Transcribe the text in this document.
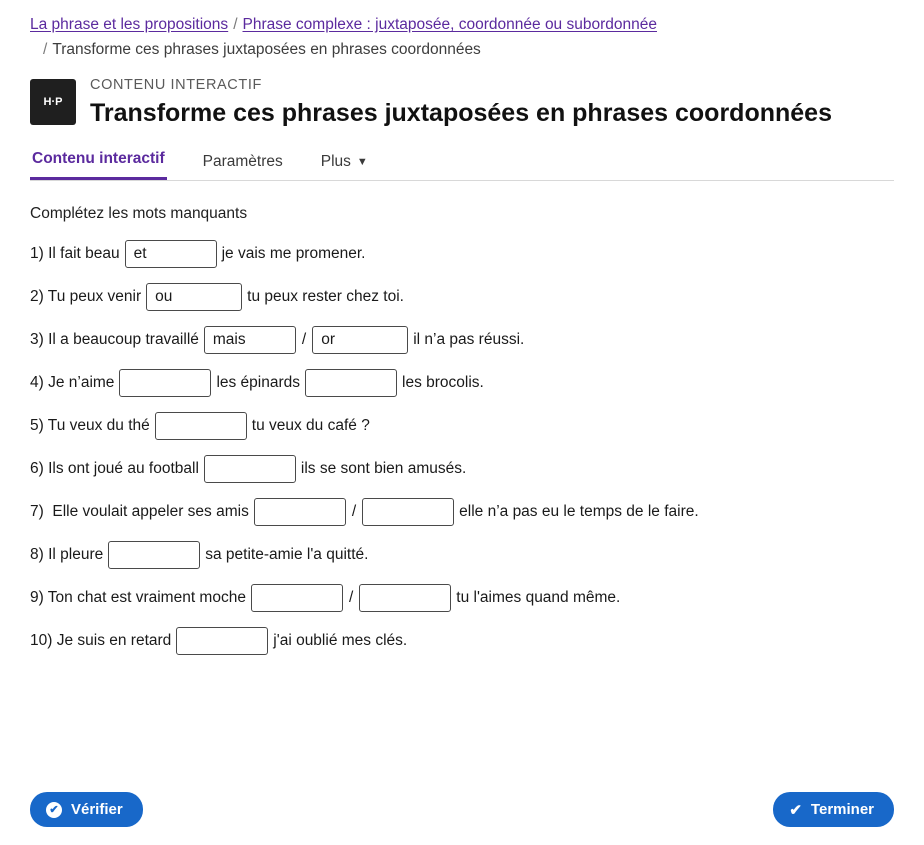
La phrase et les propositions / Phrase complexe : juxtaposée, coordonnée ou subordonnée
/ Transforme ces phrases juxtaposées en phrases coordonnées
H·P
CONTENU INTERACTIF
Transforme ces phrases juxtaposées en phrases coordonnées
Contenu interactif Paramètres Plus ▼
Complétez les mots manquants
1) Il fait beau
et	je vais me promener.
2) Tu peux venir
ou	tu peux rester chez toi.
3) Il a beaucoup travaillé
mais	/
or	il n’a pas réussi.
4) Je n’aime	les épinards	les brocolis.
5) Tu veux du thé	tu veux du café ?
6) Ils ont joué au football	ils se sont bien amusés.
7)  Elle voulait appeler ses amis	/	elle n’a pas eu le temps de le faire.
8) Il pleure	sa petite-amie l'a quitté.
9) Ton chat est vraiment moche	/	tu l'aimes quand même.
10) Je suis en retard	j'ai oublié mes clés.
✔ Vérifier	✔ Terminer
